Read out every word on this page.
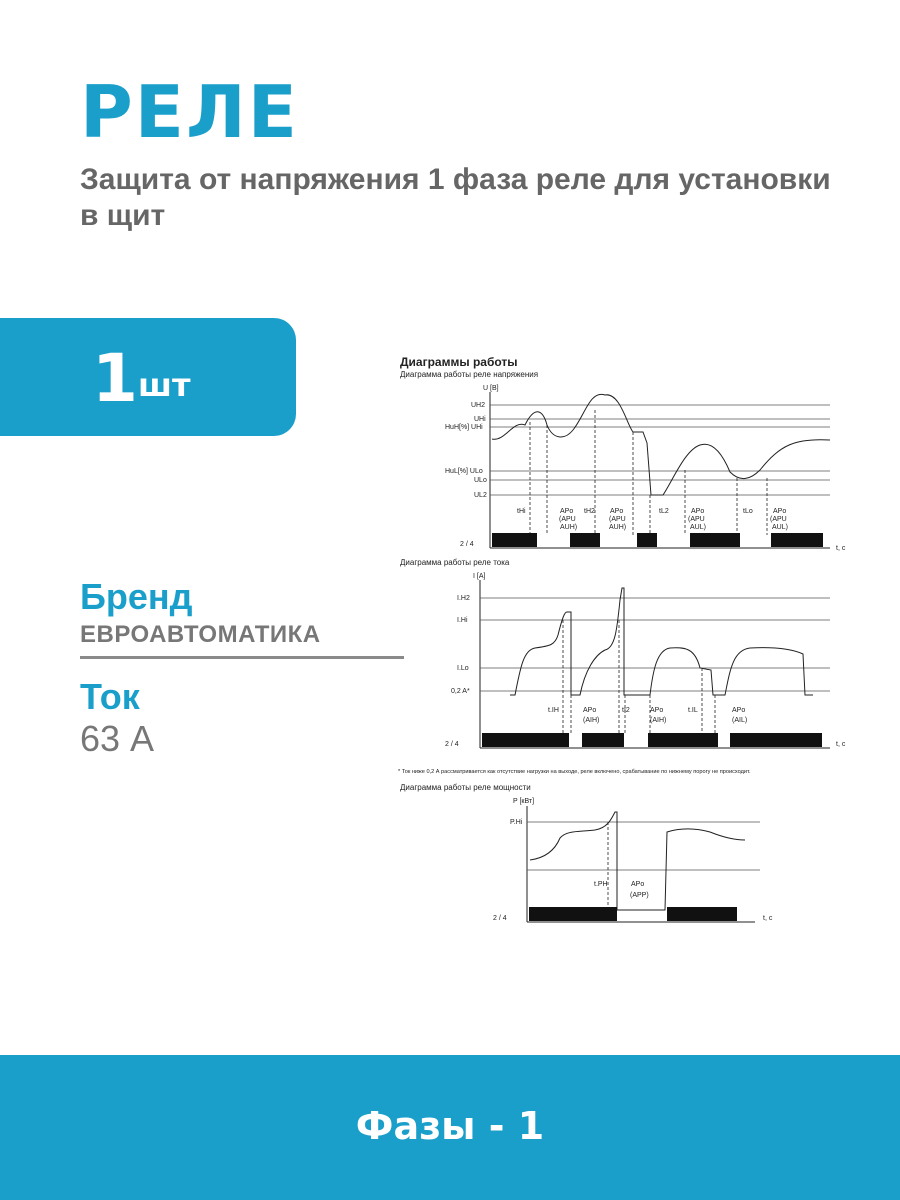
РЕЛЕ
Защита от напряжения 1 фаза реле для установки в щит
1 шт
Бренд
ЕВРОАВТОМАТИКА
Ток
63 А
Диаграммы работы
Диаграмма работы реле напряжения
U [B]
UH2
UHi
HuH[%] UHi
HuL[%] ULo
ULo
UL2
tHi	APo
(APU
AUH)
tH2 APo
(APU
AUH)
tL2	APo
(APU
AUL)
tLo	APo
(APU
AUL)
2 / 4
t, c
Диаграмма работы реле тока
I [A]
I.H2
I.Hi
I.Lo
0,2 A*
t.IH	APo
(AIH)
tI2	APo
(AIH)
t.IL	APo
(AIL)
2 / 4	t, c
* Ток ниже 0,2 А рассматривается как отсутствие нагрузки на выходе, реле включено, срабатывание по нижнему порогу не происходит.
Диаграмма работы реле мощности
P [кВт]
P.Hi
t.PH	APo
(APP)
2 / 4	t, c
Фазы - 1
